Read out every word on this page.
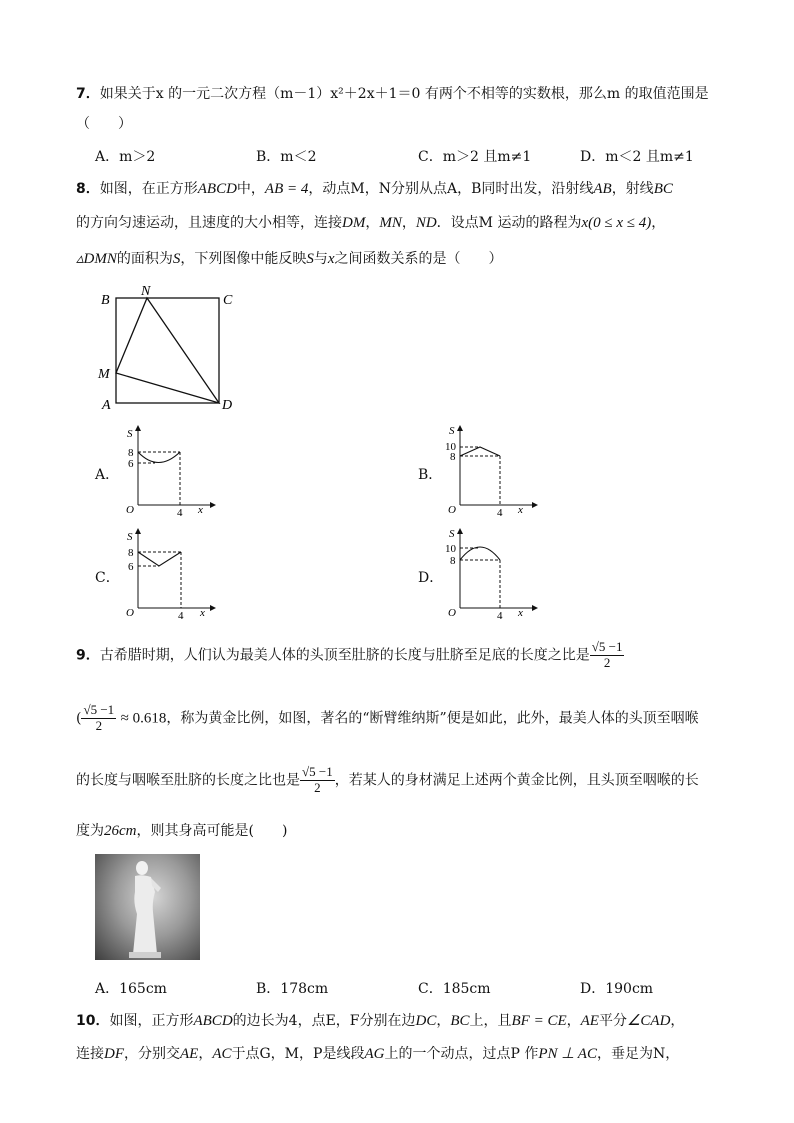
7．如果关于x 的一元二次方程（m－1）x²＋2x＋1＝0 有两个不相等的实数根，那么m 的取值范围是
（　　）
A．m＞2	B．m＜2	C．m＞2 且m≠1	D．m＜2 且m≠1
8．如图，在正方形ABCD中，AB = 4，动点M，N分别从点A，B同时出发，沿射线AB，射线BC
的方向匀速运动，且速度的大小相等，连接DM，MN，ND．设点M 运动的路程为x(0 ≤ x ≤ 4)，
▵DMN的面积为S，下列图像中能反映S与x之间函数关系的是（　　）
B
N
C
M
A	D
A．
S
8
6
O	4 x
B．
S
10
8
O	4 x
C．
S
8
6
O	4 x
D．
S
10
8
O	4 x
9．古希腊时期，人们认为最美人体的头顶至肚脐的长度与肚脐至足底的长度之比是 $\frac{√5 -1}{2}$
( $\frac{√5 -1}{2} \approx 0.618$，称为黄金比例，如图，著名的“断臂维纳斯”便是如此，此外，最美人体的头顶至咽喉
的长度与咽喉至肚脐的长度之比也是 $\frac{√5 -1}{2}$ ，若某人的身材满足上述两个黄金比例，且头顶至咽喉的长
度为26cm，则其身高可能是(　　)
A．165cm	B．178cm	C．185cm	D．190cm
10．如图，正方形ABCD的边长为4，点E，F分别在边DC，BC上，且BF = CE，AE平分∠CAD，
连接DF，分别交AE，AC于点G，M，P是线段AG上的一个动点，过点P 作PN ⊥ AC，垂足为N，
